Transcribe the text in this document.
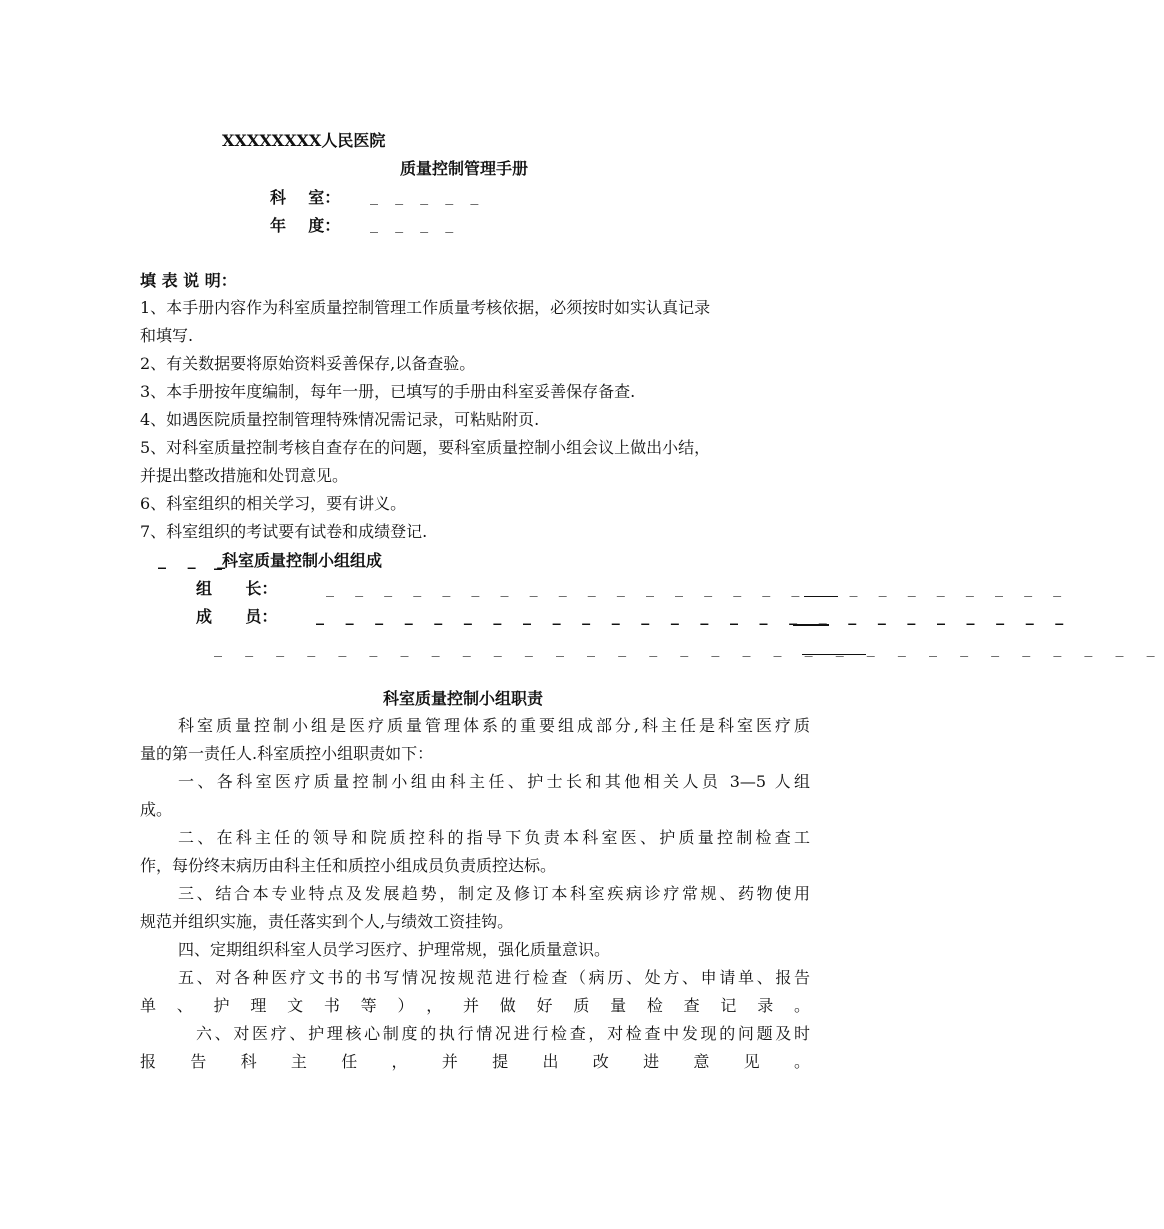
XXXXXXXX人民医院
质量控制管理手册
科    室： _ _ _ _ _
年    度： _ _ _ _
填 表 说 明：
1、本手册内容作为科室质量控制管理工作质量考核依据，必须按时如实认真记录
和填写.
2、有关数据要将原始资料妥善保存,以备查验。
3、本手册按年度编制，每年一册，已填写的手册由科室妥善保存备查.
4、如遇医院质量控制管理特殊情况需记录，可粘贴附页.
5、对科室质量控制考核自查存在的问题，要科室质量控制小组会议上做出小结，
并提出整改措施和处罚意见。
6、科室组织的相关学习，要有讲义。
7、科室组织的考试要有试卷和成绩登记.
_ _ _
_科室质量控制小组组成
组      长：	_ _ _ _ _ _ _ _ _ _ _ _ _ _ _ _ _ _ _ _ _ _ _ _ _ _
成      员： _ _ _ _ _ _ _ _ _ _ _ _ _ _ _ _ _ _ _ _ _ _ _ _ _ _
_ _ _ _ _ _ _ _ _ _ _ _ _ _ _ _ _ _ _ _ _ _ _ _ _ _ _ _ _ _ _
科室质量控制小组职责
科室质量控制小组是医疗质量管理体系的重要组成部分,科主任是科室医疗质
量的第一责任人.科室质控小组职责如下：
一、各科室医疗质量控制小组由科主任、护士长和其他相关人员 3—5 人组
成。
二、在科主任的领导和院质控科的指导下负责本科室医、护质量控制检查工
作，每份终末病历由科主任和质控小组成员负责质控达标。
三、结合本专业特点及发展趋势，制定及修订本科室疾病诊疗常规、药物使用
规范并组织实施，责任落实到个人,与绩效工资挂钩。
四、定期组织科室人员学习医疗、护理常规，强化质量意识。
五、对各种医疗文书的书写情况按规范进行检查（病历、处方、申请单、报告
单、护理文书等），并做好质量检查记录。
六、对医疗、护理核心制度的执行情况进行检查，对检查中发现的问题及时
报告科主任，并提出改进意见。
